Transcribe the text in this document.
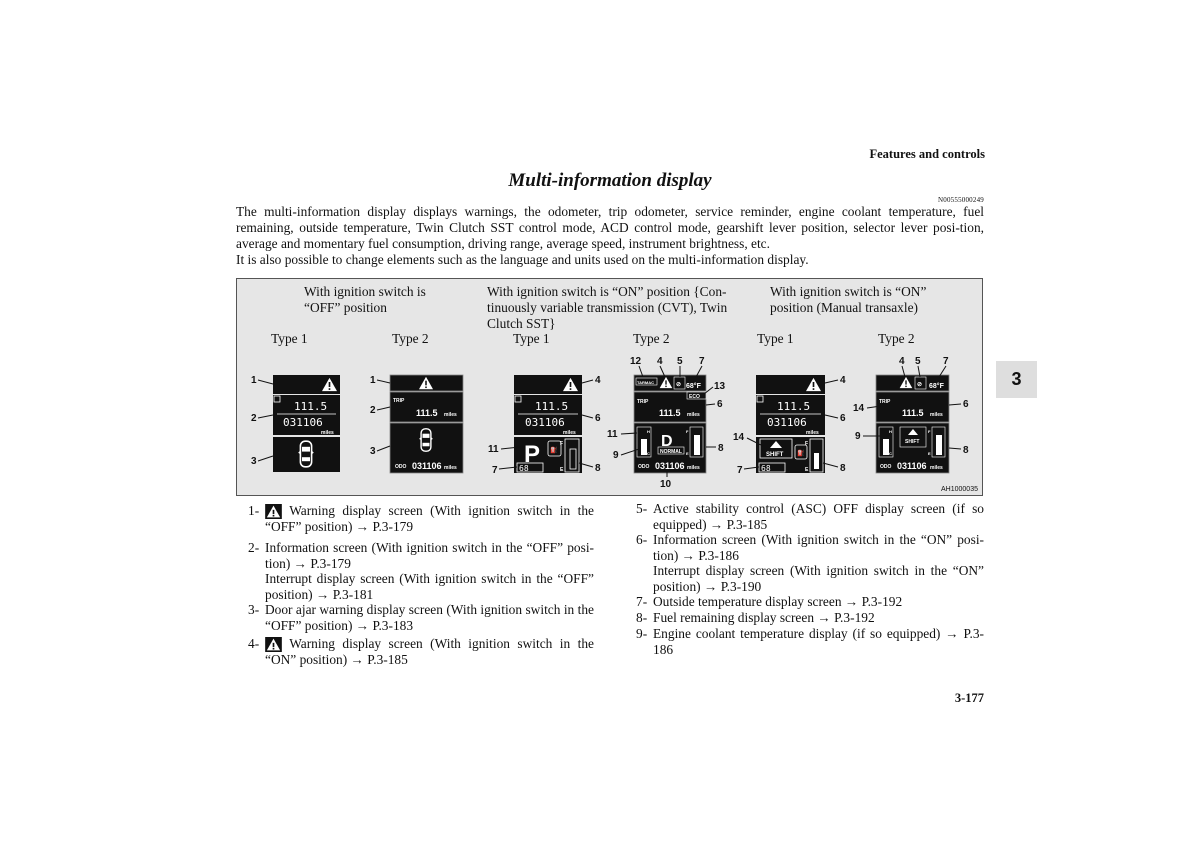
Features and controls
Multi-information display
N00555000249

The multi-information display displays warnings, the odometer, trip odometer, service reminder, engine coolant temperature, fuel remaining, outside temperature, Twin Clutch SST control mode, ACD control mode, gearshift lever position, selector lever posi-tion, average and momentary fuel consumption, driving range, average speed, instrument brightness, etc.

It is also possible to change elements such as the language and units used on the multi-information display.

3
With ignition switch is
“OFF” position
With ignition switch is “ON” position {Con-
tinuously variable transmission (CVT), Twin
Clutch SST}
With ignition switch is “ON”
position (Manual transaxle)
Type 1	Type 2	Type 1	Type 2	Type 1	Type 2
111.5
031106
miles
1
2
3
TRIP
111.5 miles
ODO 031106 miles
1
2
3
111.5
031106
miles
P
68
⛽
F
E
4
6
11
7	8
TARMAC	⊘ 68°F
ECO
TRIP
111.5 miles
H
C
D
NORMAL
F
E
ODO 031106 miles
12 4 5 7
13
6
11
9
8
10
111.5
031106
miles
SHIFT
68
⛽
F
E
4
6
14
7	8
⊘ 68°F
TRIP
111.5 miles
H
C
SHIFT
F
E
ODO 031106 miles
4 5 7
14	6
9
8
AH1000035
1-	Warning display screen (With ignition switch in the “OFF” position) → P.3-179
2- Information screen (With ignition switch in the “OFF” posi-tion) → P.3-179
Interrupt display screen (With ignition switch in the “OFF” position) → P.3-181
3- Door ajar warning display screen (With ignition switch in the “OFF” position) → P.3-183
4-	Warning display screen (With ignition switch in the “ON” position) → P.3-185
5- Active stability control (ASC) OFF display screen (if so equipped) → P.3-185
6- Information screen (With ignition switch in the “ON” posi-tion) → P.3-186
Interrupt display screen (With ignition switch in the “ON” position) → P.3-190
7- Outside temperature display screen → P.3-192
8- Fuel remaining display screen → P.3-192
9- Engine coolant temperature display (if so equipped) → P.3-186
3-177
